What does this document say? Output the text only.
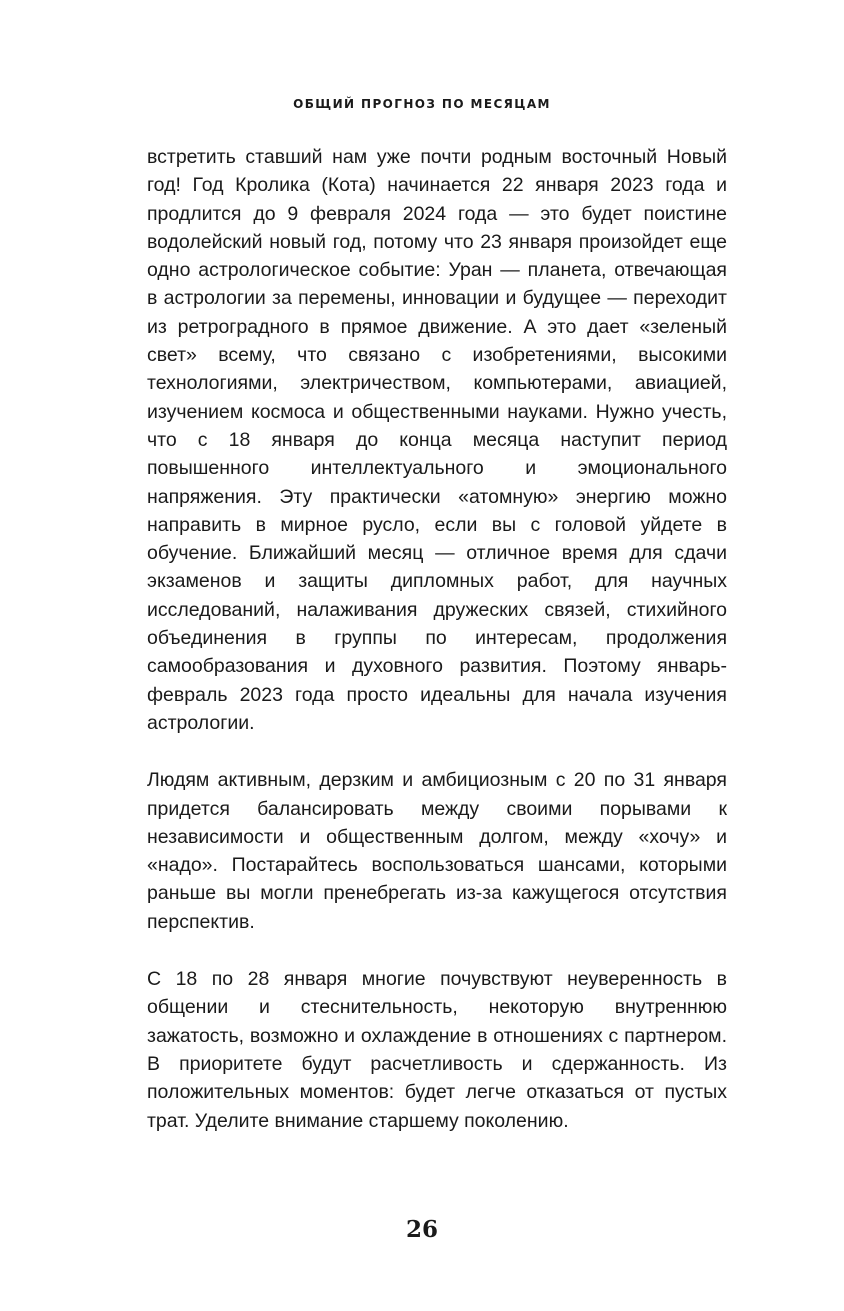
ОБЩИЙ ПРОГНОЗ ПО МЕСЯЦАМ

встретить ставший нам уже почти родным восточный Новый год! Год Кролика (Кота) начинается 22 января 2023 года и продлится до 9 февраля 2024 года — это будет поистине водолейский новый год, потому что 23 января произойдет еще одно астрологическое событие: Уран — планета, отвечающая в астрологии за перемены, инновации и будущее — переходит из ретроградного в прямое движение. А это дает «зеленый свет» всему, что связано с изобретениями, высокими технологиями, электричеством, компьютерами, авиацией, изучением космоса и общественными науками. Нужно учесть, что с 18 января до конца месяца наступит период повышенного интеллектуального и эмоционального напряжения. Эту практически «атомную» энергию можно направить в мирное русло, если вы с головой уйдете в обучение. Ближайший месяц — отличное время для сдачи экзаменов и защиты дипломных работ, для научных исследований, налаживания дружеских связей, стихийного объединения в группы по интересам, продолжения самообразования и духовного развития. Поэтому январь-февраль 2023 года просто идеальны для начала изучения астрологии.

Людям активным, дерзким и амбициозным с 20 по 31 января придется балансировать между своими порывами к независимости и общественным долгом, между «хочу» и «надо». Постарайтесь воспользоваться шансами, которыми раньше вы могли пренебрегать из-за кажущегося отсутствия перспектив.

С 18 по 28 января многие почувствуют неуверенность в общении и стеснительность, некоторую внутреннюю зажатость, возможно и охлаждение в отношениях с партнером. В приоритете будут расчетливость и сдержанность. Из положительных моментов: будет легче отказаться от пустых трат. Уделите внимание старшему поколению.

26
